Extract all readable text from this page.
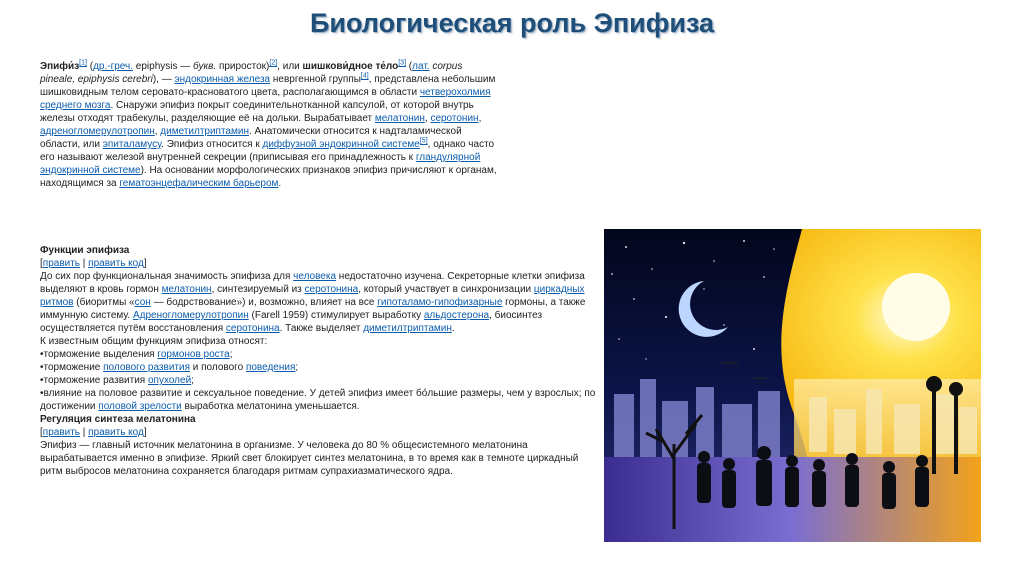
Биологическая роль Эпифиза
Эпифи́з[1] (др.-греч. epiphysis — букв. приросток)[2], или шишкови́дное те́ло[3] (лат. corpus pineale, epiphysis cerebri), — эндокринная железа невргенной группы[4], представлена небольшим шишковидным телом серовато-красноватого цвета, располагающимся в области четверохолмия среднего мозга. Снаружи эпифиз покрыт соединительнотканной капсулой, от которой внутрь железы отходят трабекулы, разделяющие её на дольки. Вырабатывает мелатонин, серотонин, адреногломерулотропин, диметилтриптамин. Анатомически относится к надталамической области, или эпиталамусу. Эпифиз относится к диффузной эндокринной системе[5], однако часто его называют железой внутренней секреции (приписывая его принадлежность к гландулярной эндокринной системе). На основании морфологических признаков эпифиз причисляют к органам, находящимся за гематоэнцефалическим барьером.
Функции эпифиза
[править | править код]
До сих пор функциональная значимость эпифиза для человека недостаточно изучена. Секреторные клетки эпифиза выделяют в кровь гормон мелатонин, синтезируемый из серотонина, который участвует в синхронизации циркадных ритмов (биоритмы «сон — бодрствование») и, возможно, влияет на все гипоталамо-гипофизарные гормоны, а также иммунную систему. Адреногломерулотропин (Farell 1959) стимулирует выработку альдостерона, биосинтез осуществляется путём восстановления серотонина. Также выделяет диметилтриптамин.
К известным общим функциям эпифиза относят:
•торможение выделения гормонов роста;
•торможение полового развития и полового поведения;
•торможение развития опухолей;
•влияние на половое развитие и сексуальное поведение. У детей эпифиз имеет бо́льшие размеры, чем у взрослых; по достижении половой зрелости выработка мелатонина уменьшается.
Регуляция синтеза мелатонина
[править | править код]
Эпифиз — главный источник мелатонина в организме. У человека до 80 % общесистемного мелатонина вырабатывается именно в эпифизе. Яркий свет блокирует синтез мелатонина, в то время как в темноте циркадный ритм выбросов мелатонина сохраняется благодаря ритмам супрахиазматического ядра.
